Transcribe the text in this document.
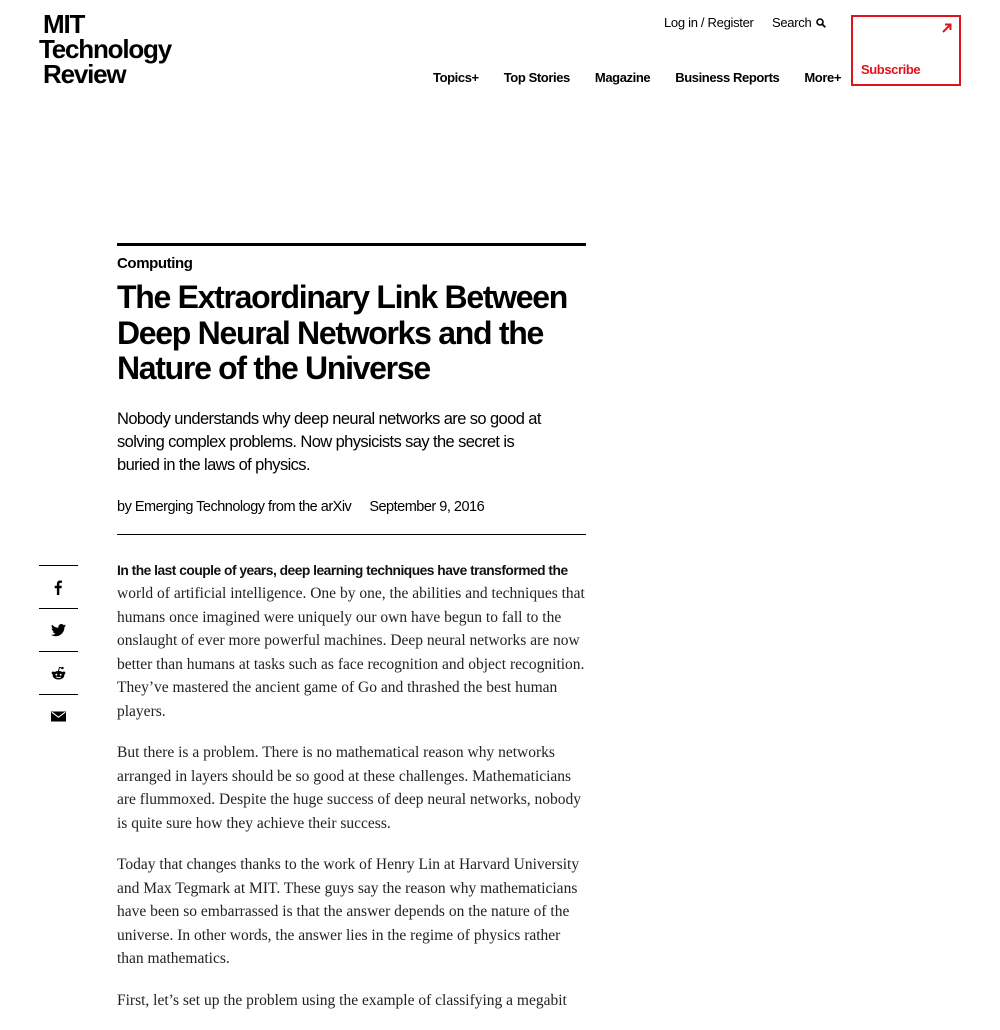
MIT
Technology
Review
Log in / Register Search
Topics+ Top Stories Magazine Business Reports More+
Subscribe
Computing
The Extraordinary Link Between Deep Neural Networks and the Nature of the Universe
Nobody understands why deep neural networks are so good at solving complex problems. Now physicists say the secret is buried in the laws of physics.
by Emerging Technology from the arXiv September 9, 2016

In the last couple of years, deep learning techniques have transformed the world of artificial intelligence. One by one, the abilities and techniques that humans once imagined were uniquely our own have begun to fall to the onslaught of ever more powerful machines. Deep neural networks are now better than humans at tasks such as face recognition and object recognition. They’ve mastered the ancient game of Go and thrashed the best human players.

But there is a problem. There is no mathematical reason why networks arranged in layers should be so good at these challenges. Mathematicians are flummoxed. Despite the huge success of deep neural networks, nobody is quite sure how they achieve their success.

Today that changes thanks to the work of Henry Lin at Harvard University and Max Tegmark at MIT. These guys say the reason why mathematicians have been so embarrassed is that the answer depends on the nature of the universe. In other words, the answer lies in the regime of physics rather than mathematics.

First, let’s set up the problem using the example of classifying a megabit
